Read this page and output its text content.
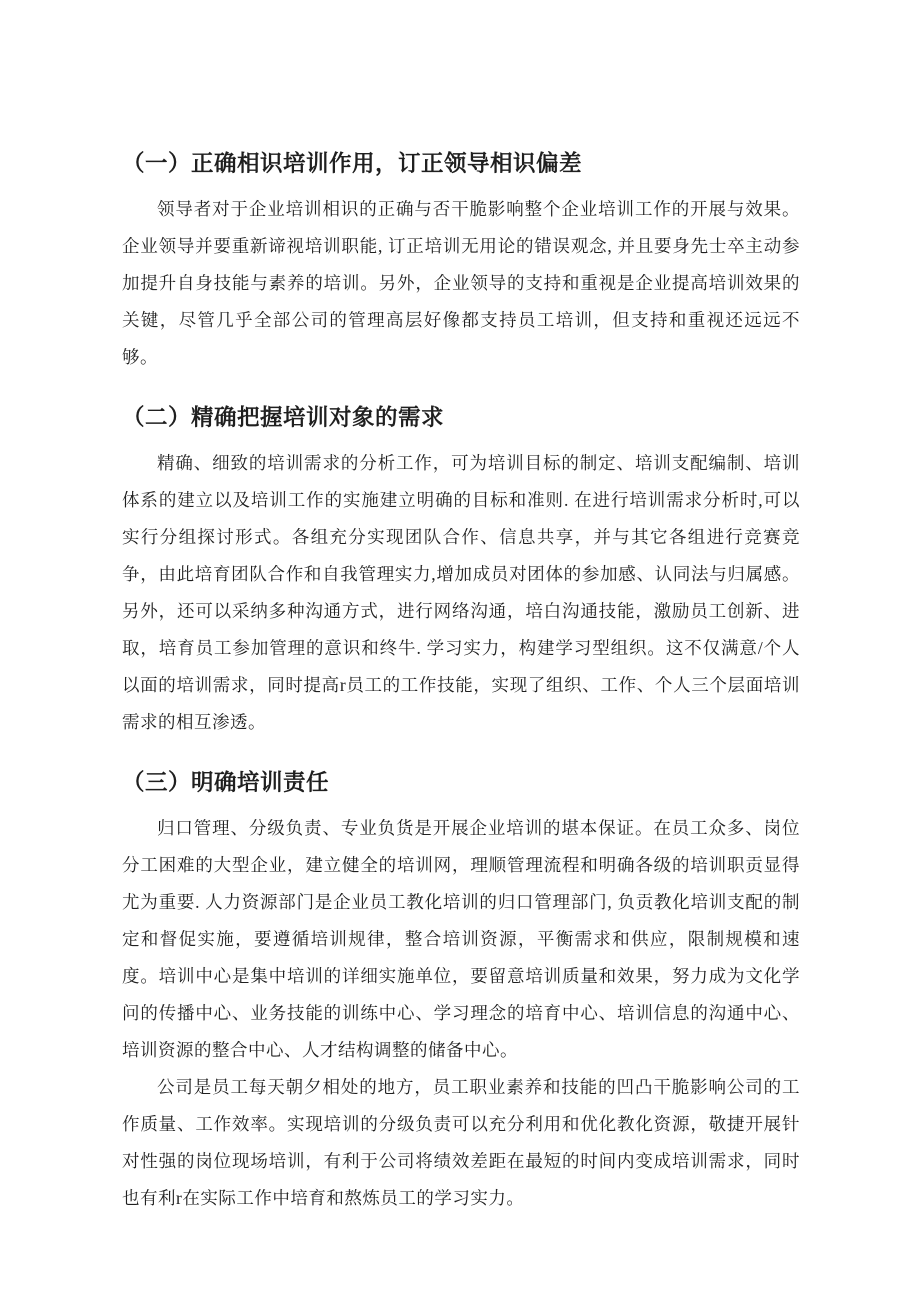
（一）正确相识培训作用，订正领导相识偏差

领导者对于企业培训相识的正确与否干脆影响整个企业培训工作的开展与效果。企业领导并要重新谛视培训职能, 订正培训无用论的错误观念, 并且要身先士卒主动参加提升自身技能与素养的培训。另外，企业领导的支持和重视是企业提高培训效果的关键，尽管几乎全部公司的管理高层好像都支持员工培训，但支持和重视还远远不够。

（二）精确把握培训对象的需求

精确、细致的培训需求的分析工作，可为培训目标的制定、培训支配编制、培训体系的建立以及培训工作的实施建立明确的目标和准则. 在进行培训需求分析时,可以实行分组探讨形式。各组充分实现团队合作、信息共享，并与其它各组进行竞赛竞争，由此培育团队合作和自我管理实力,增加成员对团体的参加感、认同法与归属感。另外，还可以采纳多种沟通方式，进行网络沟通，培白沟通技能，激励员工创新、进取，培育员工参加管理的意识和终牛. 学习实力，构建学习型组织。这不仅满意/个人以面的培训需求，同时提高r员工的工作技能，实现了组织、工作、个人三个层面培训需求的相互渗透。

（三）明确培训责任

归口管理、分级负责、专业负货是开展企业培训的堪本保证。在员工众多、岗位分工困难的大型企业，建立健全的培训网，理顺管理流程和明确各级的培训职贡显得尤为重要. 人力资源部门是企业员工教化培训的归口管理部门, 负贡教化培训支配的制定和督促实施，要遵循培训规律，整合培训资源，平衡需求和供应，限制规模和速度。培训中心是集中培训的详细实施单位，要留意培训质量和效果，努力成为文化学问的传播中心、业务技能的训练中心、学习理念的培育中心、培训信息的沟通中心、培训资源的整合中心、人才结构调整的储备中心。

公司是员工每天朝夕相处的地方，员工职业素养和技能的凹凸干脆影响公司的工作质量、工作效率。实现培训的分级负责可以充分利用和优化教化资源，敬捷开展针对性强的岗位现场培训，有利于公司将绩效差距在最短的时间内变成培训需求，同时也有利r在实际工作中培育和熬炼员工的学习实力。
